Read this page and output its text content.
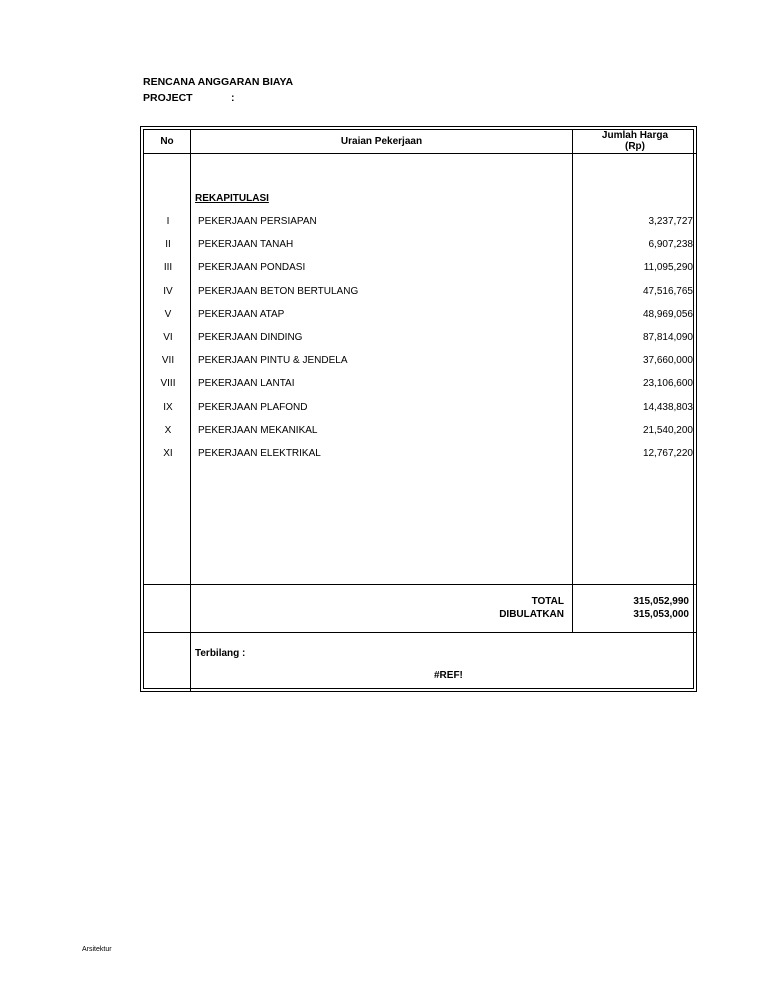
RENCANA ANGGARAN BIAYA
PROJECT	:
No	Uraian Pekerjaan
Jumlah Harga
(Rp)
REKAPITULASI
I	PEKERJAAN PERSIAPAN	3,237,727
II	PEKERJAAN TANAH	6,907,238
III	PEKERJAAN PONDASI	11,095,290
IV	PEKERJAAN BETON BERTULANG	47,516,765
V	PEKERJAAN ATAP	48,969,056
VI	PEKERJAAN DINDING	87,814,090
VII	PEKERJAAN PINTU & JENDELA	37,660,000
VIII	PEKERJAAN LANTAI	23,106,600
IX	PEKERJAAN PLAFOND	14,438,803
X	PEKERJAAN MEKANIKAL	21,540,200
XI	PEKERJAAN ELEKTRIKAL	12,767,220
TOTAL	315,052,990
DIBULATKAN	315,053,000
Terbilang :
#REF!
Arsitektur
